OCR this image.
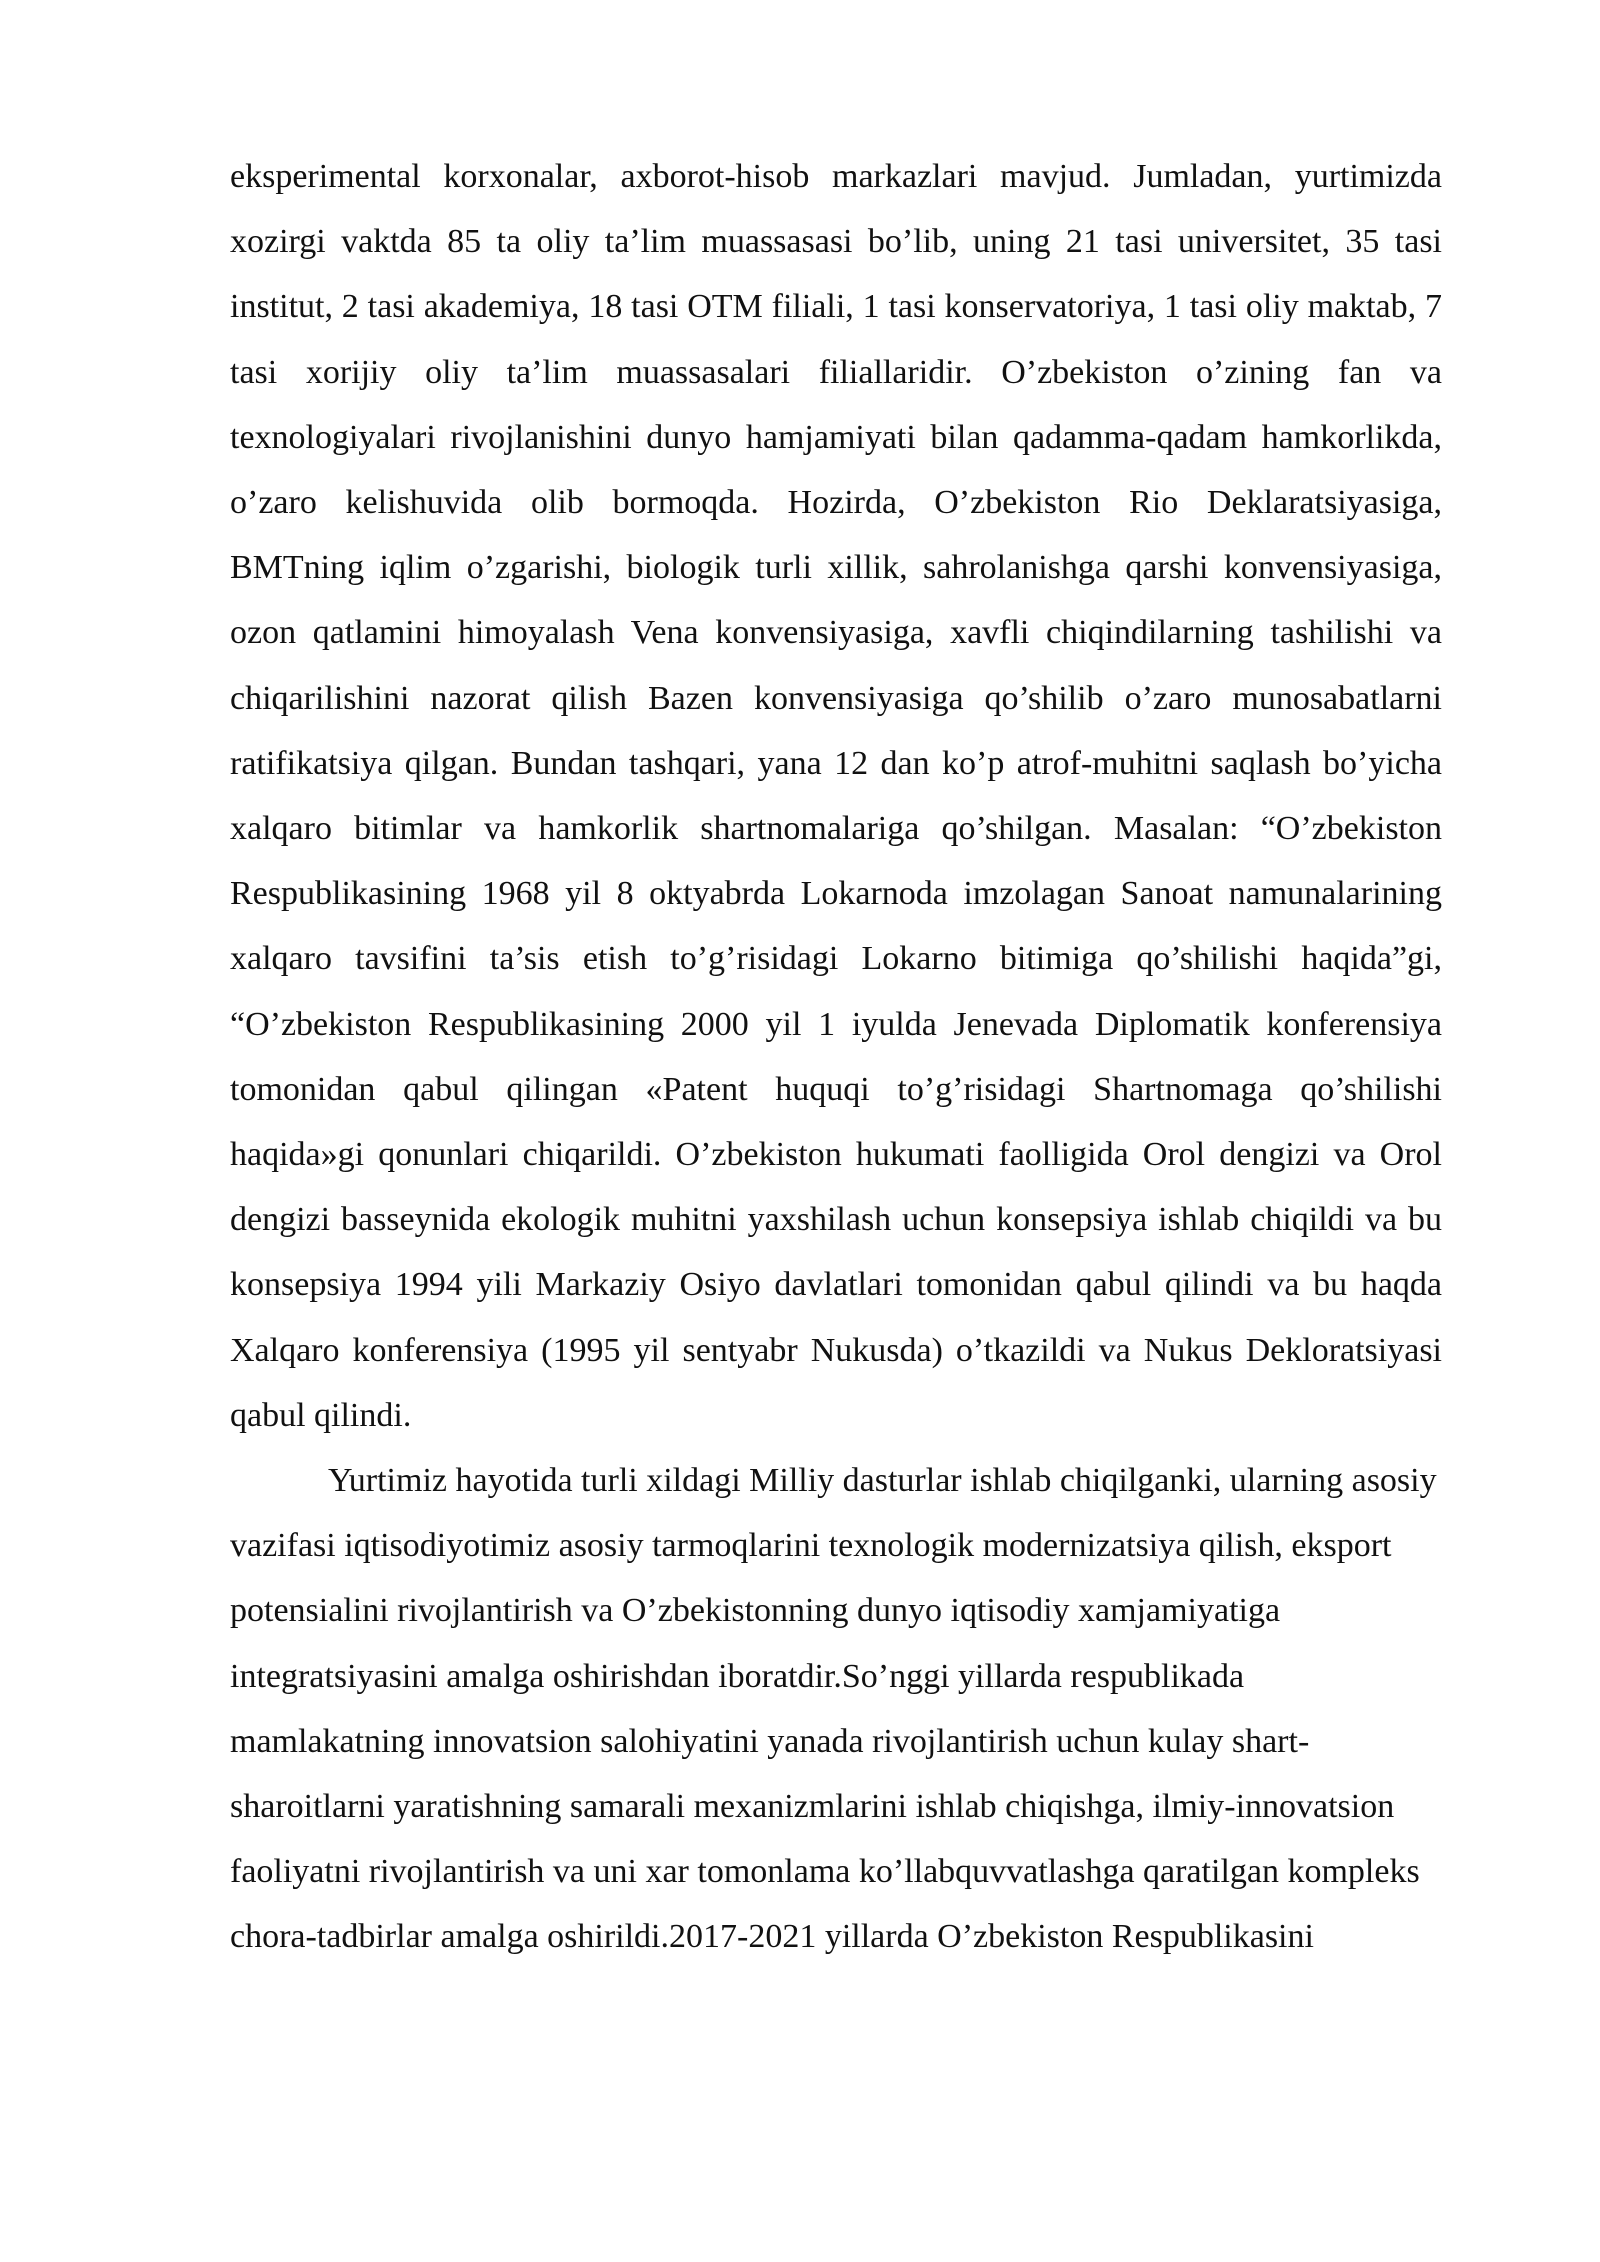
eksperimental korxonalar, axborot-hisob markazlari mavjud. Jumladan, yurtimizda xozirgi vaktda 85 ta oliy ta’lim muassasasi bo’lib, uning 21 tasi universitet, 35 tasi institut, 2 tasi akademiya, 18 tasi OTM filiali, 1 tasi konservatoriya, 1 tasi oliy maktab, 7 tasi xorijiy oliy ta’lim muassasalari filiallaridir. O’zbekiston o’zining fan va texnologiyalari rivojlanishini dunyo hamjamiyati bilan qadamma-qadam hamkorlikda, o’zaro kelishuvida olib bormoqda. Hozirda, O’zbekiston Rio Deklaratsiyasiga, BMTning iqlim o’zgarishi, biologik turli xillik, sahrolanishga qarshi konvensiyasiga, ozon qatlamini himoyalash Vena konvensiyasiga, xavfli chiqindilarning tashilishi va chiqarilishini nazorat qilish Bazen konvensiyasiga qo’shilib o’zaro munosabatlarni ratifikatsiya qilgan. Bundan tashqari, yana 12 dan ko’p atrof-muhitni saqlash bo’yicha xalqaro bitimlar va hamkorlik shartnomalariga qo’shilgan. Masalan: “O’zbekiston Respublikasining 1968 yil 8 oktyabrda Lokarnoda imzolagan Sanoat namunalarining xalqaro tavsifini ta’sis etish to’g’risidagi Lokarno bitimiga qo’shilishi haqida”gi, “O’zbekiston Respublikasining 2000 yil 1 iyulda Jenevada Diplomatik konferensiya tomonidan qabul qilingan «Patent huquqi to’g’risidagi Shartnomaga qo’shilishi haqida»gi qonunlari chiqarildi. O’zbekiston hukumati faolligida Orol dengizi va Orol dengizi basseynida ekologik muhitni yaxshilash uchun konsepsiya ishlab chiqildi va bu konsepsiya 1994 yili Markaziy Osiyo davlatlari tomonidan qabul qilindi va bu haqda Xalqaro konferensiya (1995 yil sentyabr Nukusda) o’tkazildi va Nukus Dekloratsiyasi qabul qilindi.

Yurtimiz hayotida turli xildagi Milliy dasturlar ishlab chiqilganki, ularning asosiy vazifasi iqtisodiyotimiz asosiy tarmoqlarini texnologik modernizatsiya qilish, eksport potensialini rivojlantirish va O’zbekistonning dunyo iqtisodiy xamjamiyatiga integratsiyasini amalga oshirishdan iboratdir.So’nggi yillarda respublikada mamlakatning innovatsion salohiyatini yanada rivojlantirish uchun kulay shart-sharoitlarni yaratishning samarali mexanizmlarini ishlab chiqishga, ilmiy-innovatsion faoliyatni rivojlantirish va uni xar tomonlama ko’llabquvvatlashga qaratilgan kompleks chora-tadbirlar amalga oshirildi.2017-2021 yillarda O’zbekiston Respublikasini
